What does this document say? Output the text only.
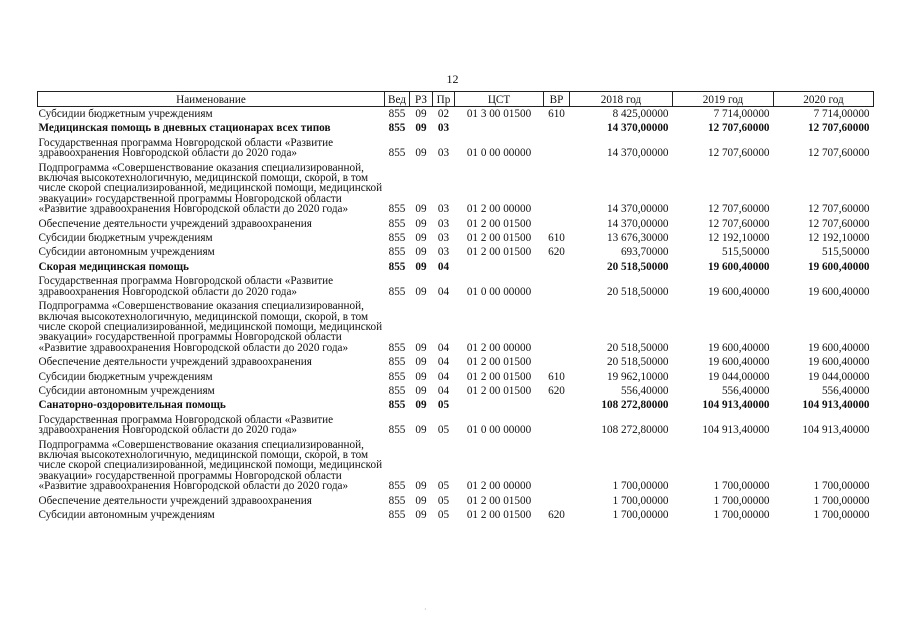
12
Наименование	Вед	РЗ	Пр	ЦСТ	ВР	2018 год	2019 год	2020 год
Субсидии бюджетным учреждениям	855	09	02	01 3 00 01500	610	8 425,00000	7 714,00000	7 714,00000
Медицинская помощь в дневных стационарах всех типов	855	09	03			14 370,00000	12 707,60000	12 707,60000
Государственная программа Новгородской области «Развитие здравоохранения Новгородской области до 2020 года»	855	09	03	01 0 00 00000		14 370,00000	12 707,60000	12 707,60000
Подпрограмма «Совершенствование оказания специализированной, включая высокотехнологичную, медицинской помощи, скорой, в том числе скорой специализированной, медицинской помощи, медицинской эвакуации» государственной программы Новгородской области «Развитие здравоохранения Новгородской области до 2020 года»	855	09	03	01 2 00 00000		14 370,00000	12 707,60000	12 707,60000
Обеспечение деятельности учреждений здравоохранения	855	09	03	01 2 00 01500		14 370,00000	12 707,60000	12 707,60000
Субсидии бюджетным учреждениям	855	09	03	01 2 00 01500	610	13 676,30000	12 192,10000	12 192,10000
Субсидии автономным учреждениям	855	09	03	01 2 00 01500	620	693,70000	515,50000	515,50000
Скорая медицинская помощь	855	09	04			20 518,50000	19 600,40000	19 600,40000
Государственная программа Новгородской области «Развитие здравоохранения Новгородской области до 2020 года»	855	09	04	01 0 00 00000		20 518,50000	19 600,40000	19 600,40000
Подпрограмма «Совершенствование оказания специализированной, включая высокотехнологичную, медицинской помощи, скорой, в том числе скорой специализированной, медицинской помощи, медицинской эвакуации» государственной программы Новгородской области «Развитие здравоохранения Новгородской области до 2020 года»	855	09	04	01 2 00 00000		20 518,50000	19 600,40000	19 600,40000
Обеспечение деятельности учреждений здравоохранения	855	09	04	01 2 00 01500		20 518,50000	19 600,40000	19 600,40000
Субсидии бюджетным учреждениям	855	09	04	01 2 00 01500	610	19 962,10000	19 044,00000	19 044,00000
Субсидии автономным учреждениям	855	09	04	01 2 00 01500	620	556,40000	556,40000	556,40000
Санаторно-оздоровительная помощь	855	09	05			108 272,80000	104 913,40000	104 913,40000
Государственная программа Новгородской области «Развитие здравоохранения Новгородской области до 2020 года»	855	09	05	01 0 00 00000		108 272,80000	104 913,40000	104 913,40000
Подпрограмма «Совершенствование оказания специализированной, включая высокотехнологичную, медицинской помощи, скорой, в том числе скорой специализированной, медицинской помощи, медицинской эвакуации» государственной программы Новгородской области «Развитие здравоохранения Новгородской области до 2020 года»	855	09	05	01 2 00 00000		1 700,00000	1 700,00000	1 700,00000
Обеспечение деятельности учреждений здравоохранения	855	09	05	01 2 00 01500		1 700,00000	1 700,00000	1 700,00000
Субсидии автономным учреждениям	855	09	05	01 2 00 01500	620	1 700,00000	1 700,00000	1 700,00000
·
